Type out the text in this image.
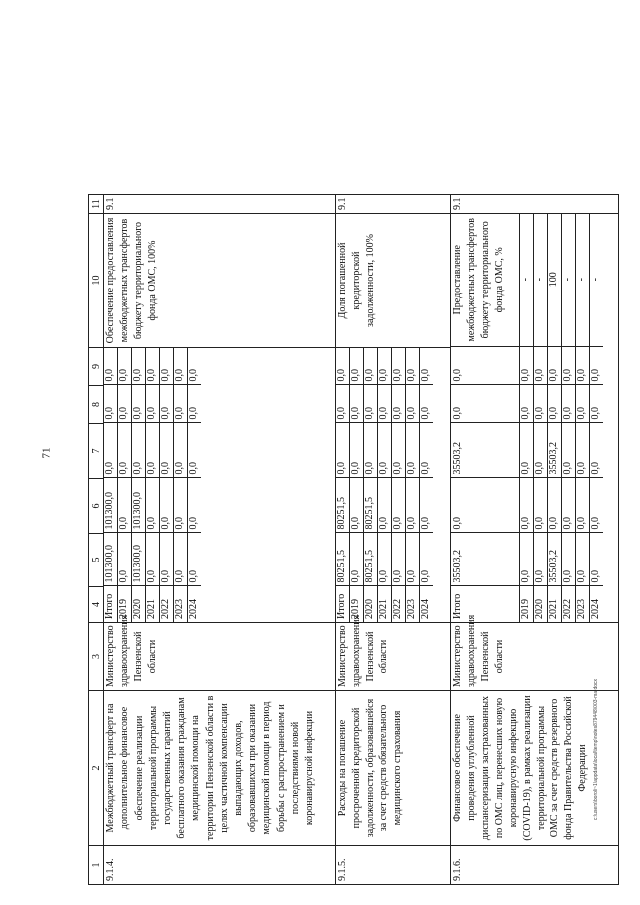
71
1	2	3	4	5	6	7	8	9	10	11	
9.1.4.	Межбюджетный трансферт на дополнительное финансовое обеспечение реализации территориальной программы государственных гарантий бесплатного оказания гражданам медицинской помощи на территории Пензенской области в целях частичной компенсации выпадающих доходов, образовавшихся при оказании медицинской помощи в период борьбы с распространением и последствиями новой коронавирусной инфекции	Министерство здравоохранения Пензенской области	
Итого	101300,0	101300,0	0,0	0,0	0,0
2019	0,0	0,0	0,0	0,0	0,0
2020	101300,0	101300,0	0,0	0,0	0,0
2021	0,0	0,0	0,0	0,0	0,0
2022	0,0	0,0	0,0	0,0	0,0
2023	0,0	0,0	0,0	0,0	0,0
2024	0,0	0,0	0,0	0,0	0,0
	Обеспечение предоставления межбюджетных трансфертов бюджету территориального фонда ОМС, 100%	9.1	
9.1.5.	Расходы на погашение просроченной кредиторской задолженности, образовавшейся за счет средств обязательного медицинского страхования	Министерство здравоохранения Пензенской области	
Итого	80251,5	80251,5	0,0	0,0	0,0
2019	0,0	0,0	0,0	0,0	0,0
2020	80251,5	80251,5	0,0	0,0	0,0
2021	0,0	0,0	0,0	0,0	0,0
2022	0,0	0,0	0,0	0,0	0,0
2023	0,0	0,0	0,0	0,0	0,0
2024	0,0	0,0	0,0	0,0	0,0
	Доля погашенной кредиторской задолженности, 100%	9.1	
9.1.6.	Финансовое обеспечение проведения углубленной диспансеризации застрахованных по ОМС лиц, перенесших новую коронавирусную инфекцию (COVID-19), в рамках реализации территориальной программы ОМС за счет средств резервного фонда Правительства Российской Федерации	Министерство здравоохранения Пензенской области	
Итого	35503,2	0,0	35503,2	0,0	0,0	Предоставление межбюджетных трансфертов бюджету территориального фонда ОМС, %
2019	0,0	0,0	0,0	0,0	0,0	-
2020	0,0	0,0	0,0	0,0	0,0	-
2021	35503,2	0,0	35503,2	0,0	0,0	100
2022	0,0	0,0	0,0	0,0	0,0	-
2023	0,0	0,0	0,0	0,0	0,0	-
2024	0,0	0,0	0,0	0,0	0,0	-
	9.1	
c:\users\boroli~1\appdata\local\temp\notes879448\003-ma.docx
